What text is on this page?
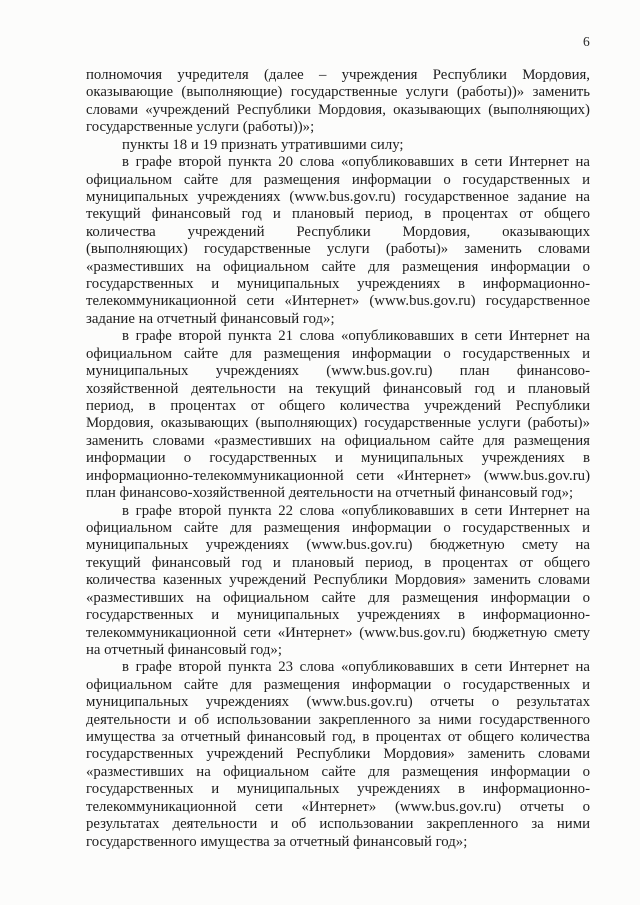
6
полномочия учредителя (далее – учреждения Республики Мордовия,
оказывающие (выполняющие) государственные услуги (работы))» заменить
словами «учреждений Республики Мордовия, оказывающих (выполняющих)
государственные услуги (работы))»;
пункты 18 и 19 признать утратившими силу;
в графе второй пункта 20 слова «опубликовавших в сети Интернет на
официальном сайте для размещения информации о государственных и
муниципальных учреждениях (www.bus.gov.ru) государственное задание на
текущий финансовый год и плановый период, в процентах от общего
количества учреждений Республики Мордовия, оказывающих
(выполняющих) государственные услуги (работы)» заменить словами
«разместивших на официальном сайте для размещения информации о
государственных и муниципальных учреждениях в информационно-
телекоммуникационной сети «Интернет» (www.bus.gov.ru) государственное
задание на отчетный финансовый год»;
в графе второй пункта 21 слова «опубликовавших в сети Интернет на
официальном сайте для размещения информации о государственных и
муниципальных учреждениях (www.bus.gov.ru) план финансово-
хозяйственной деятельности на текущий финансовый год и плановый
период, в процентах от общего количества учреждений Республики
Мордовия, оказывающих (выполняющих) государственные услуги (работы)»
заменить словами «разместивших на официальном сайте для размещения
информации о государственных и муниципальных учреждениях в
информационно-телекоммуникационной сети «Интернет» (www.bus.gov.ru)
план финансово-хозяйственной деятельности на отчетный финансовый год»;
в графе второй пункта 22 слова «опубликовавших в сети Интернет на
официальном сайте для размещения информации о государственных и
муниципальных учреждениях (www.bus.gov.ru) бюджетную смету на
текущий финансовый год и плановый период, в процентах от общего
количества казенных учреждений Республики Мордовия» заменить словами
«разместивших на официальном сайте для размещения информации о
государственных и муниципальных учреждениях в информационно-
телекоммуникационной сети «Интернет» (www.bus.gov.ru) бюджетную смету
на отчетный финансовый год»;
в графе второй пункта 23 слова «опубликовавших в сети Интернет на
официальном сайте для размещения информации о государственных и
муниципальных учреждениях (www.bus.gov.ru) отчеты о результатах
деятельности и об использовании закрепленного за ними государственного
имущества за отчетный финансовый год, в процентах от общего количества
государственных учреждений Республики Мордовия» заменить словами
«разместивших на официальном сайте для размещения информации о
государственных и муниципальных учреждениях в информационно-
телекоммуникационной сети «Интернет» (www.bus.gov.ru) отчеты о
результатах деятельности и об использовании закрепленного за ними
государственного имущества за отчетный финансовый год»;
